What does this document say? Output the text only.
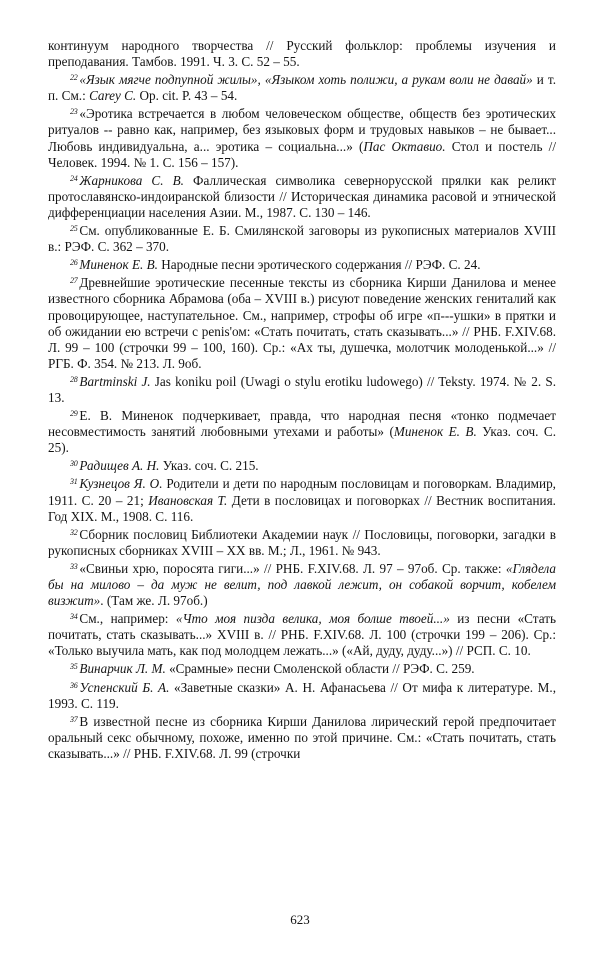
континуум народного творчества // Русский фольклор: проблемы изучения и преподавания. Тамбов. 1991. Ч. 3. С. 52 – 55.

$^{22}$ «Язык мягче подпупной жилы», «Языком хоть полижи, а рукам воли не давай» и т. п. См.: Carey C. Op. cit. P. 43 – 54.

$^{23}$ «Эротика встречается в любом человеческом обществе, обществ без эротических ритуалов -- равно как, например, без языковых форм и трудовых навыков – не бывает... Любовь индивидуальна, а... эротика – социальна...» (Пас Октавио. Стол и постель // Человек. 1994. № 1. С. 156 – 157).

$^{24}$ Жарникова С. В. Фаллическая символика севернорусской прялки как реликт протославянско-индоиранской близости // Историческая динамика расовой и этнической дифференциации населения Азии. М., 1987. С. 130 – 146.

$^{25}$ См. опубликованные Е. Б. Смилянской заговоры из рукописных материалов XVIII в.: РЭФ. С. 362 – 370.

$^{26}$ Миненок Е. В. Народные песни эротического содержания // РЭФ. С. 24.

$^{27}$ Древнейшие эротические песенные тексты из сборника Кирши Данилова и менее известного сборника Абрамова (оба – XVIII в.) рисуют поведение женских гениталий как провоцирующее, наступательное. См., например, строфы об игре «п---ушки» в прятки и об ожидании ею встречи с penis'ом: «Стать почитать, стать сказывать...» // РНБ. F.XIV.68. Л. 99 – 100 (строчки 99 – 100, 160). Ср.: «Ах ты, душечка, молотчик молоденькой...» // РГБ. Ф. 354. № 213. Л. 9об.

$^{28}$ Bartminski J. Jas koniku poil (Uwagi o stylu erotiku ludowego) // Teksty. 1974. № 2. S. 13.

$^{29}$ Е. В. Миненок подчеркивает, правда, что народная песня «тонко подмечает несовместимость занятий любовными утехами и работы» (Миненок Е. В. Указ. соч. С. 25).

$^{30}$ Радищев А. Н. Указ. соч. С. 215.

$^{31}$ Кузнецов Я. О. Родители и дети по народным пословицам и поговоркам. Владимир, 1911. С. 20 – 21; Ивановская Т. Дети в пословицах и поговорках // Вестник воспитания. Год XIX. М., 1908. С. 116.

$^{32}$ Сборник пословиц Библиотеки Академии наук // Пословицы, поговорки, загадки в рукописных сборниках XVIII – XX вв. М.; Л., 1961. № 943.

$^{33}$ «Свиньи хрю, поросята гиги...» // РНБ. F.XIV.68. Л. 97 – 97об. Ср. также: «Глядела бы на милово – да муж не велит, под лавкой лежит, он собакой ворчит, кобелем визжит». (Там же. Л. 97об.)

$^{34}$ См., например: «Что моя пизда велика, моя болше твоей...» из песни «Стать почитать, стать сказывать...» XVIII в. // РНБ. F.XIV.68. Л. 100 (строчки 199 – 206). Ср.: «Только выучила мать, как под молодцем лежать...» («Ай, дуду, дуду...») // РСП. С. 10.

$^{35}$ Винарчик Л. М. «Срамные» песни Смоленской области // РЭФ. С. 259.

$^{36}$ Успенский Б. А. «Заветные сказки» А. Н. Афанасьева // От мифа к литературе. М., 1993. С. 119.

$^{37}$ В известной песне из сборника Кирши Данилова лирический герой предпочитает оральный секс обычному, похоже, именно по этой причине. См.: «Стать почитать, стать сказывать...» // РНБ. F.XIV.68. Л. 99 (строчки

623
